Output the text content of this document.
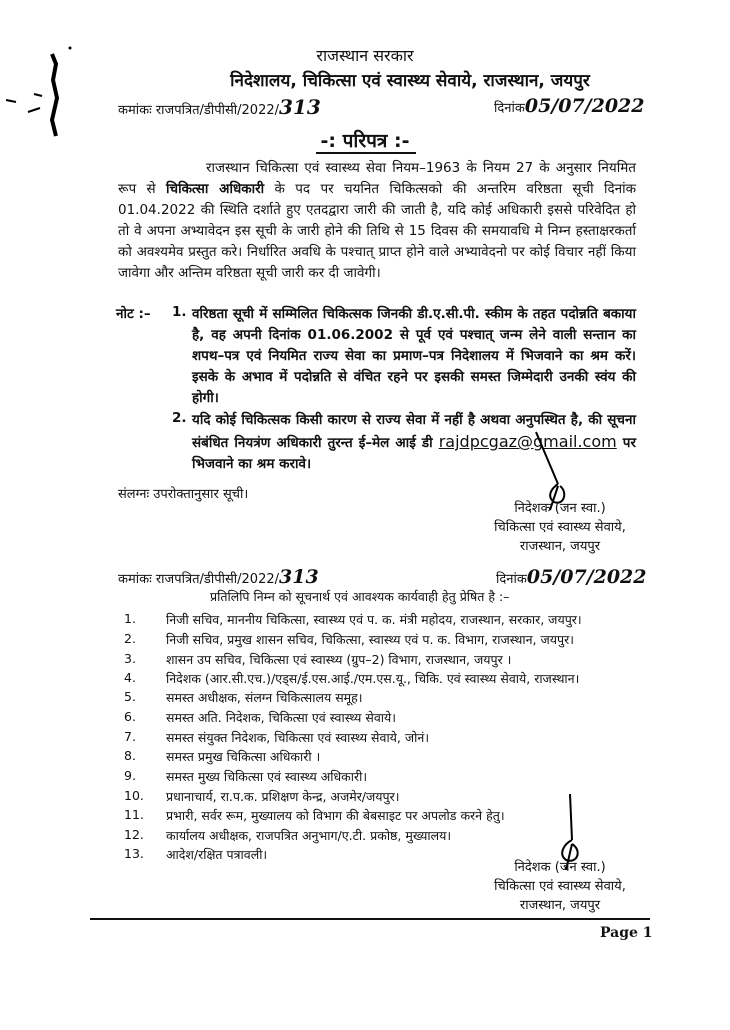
राजस्थान सरकार
निदेशालय, चिकित्सा एवं स्वास्थ्य सेवाये, राजस्थान, जयपुर
कमांकः राजपत्रित/डीपीसी/2022/313	दिनांक05/07/2022
-: परिपत्र :-
राजस्थान चिकित्सा एवं स्वास्थ्य सेवा नियम–1963 के नियम 27 के अनुसार नियमित रूप से चिकित्सा अधिकारी के पद पर चयनित चिकित्सको की अन्तरिम वरिष्ठता सूची दिनांक 01.04.2022 की स्थिति दर्शाते हुए एतदद्वारा जारी की जाती है, यदि कोई अधिकारी इससे परिवेदित हो तो वे अपना अभ्यावेदन इस सूची के जारी होने की तिथि से 15 दिवस की समयावधि मे निम्न हस्ताक्षरकर्ता को अवश्यमेव प्रस्तुत करे। निर्धारित अवधि के पश्चात् प्राप्त होने वाले अभ्यावेदनो पर कोई विचार नहीं किया जावेगा और अन्तिम वरिष्ठता सूची जारी कर दी जावेगी।
नोट :– 1. वरिष्ठता सूची में सम्मिलित चिकित्सक जिनकी डी.ए.सी.पी. स्कीम के तहत पदोन्नति बकाया है, वह अपनी दिनांक 01.06.2002 से पूर्व एवं पश्चात् जन्म लेने वाली सन्तान का शपथ–पत्र एवं नियमित राज्य सेवा का प्रमाण–पत्र निदेशालय में भिजवाने का श्रम करें। इसके के अभाव में पदोन्नति से वंचित रहने पर इसकी समस्त जिम्मेदारी उनकी स्वंय की होगी।
2. यदि कोई चिकित्सक किसी कारण से राज्य सेवा में नहीं है अथवा अनुपस्थित है, की सूचना संबंधित नियत्रंण अधिकारी तुरन्त ई–मेल आई डी rajdpcgaz@gmail.com पर भिजवाने का श्रम करावे।
संलग्नः उपरोक्तानुसार सूची।
निदेशक (जन स्वा.)
चिकित्सा एवं स्वास्थ्य सेवाये,
राजस्थान, जयपुर
कमांकः राजपत्रित/डीपीसी/2022/313	दिनांक05/07/2022
प्रतिलिपि निम्न को सूचनार्थ एवं आवश्यक कार्यवाही हेतु प्रेषित है :–
1.	निजी सचिव, माननीय चिकित्सा, स्वास्थ्य एवं प. क. मंत्री महोदय, राजस्थान, सरकार, जयपुर।
2.	निजी सचिव, प्रमुख शासन सचिव, चिकित्सा, स्वास्थ्य एवं प. क. विभाग, राजस्थान, जयपुर।
3.	शासन उप सचिव, चिकित्सा एवं स्वास्थ्य (ग्रुप–2) विभाग, राजस्थान, जयपुर ।
4.	निदेशक (आर.सी.एच.)/एड्स/ई.एस.आई./एम.एस.यू., चिकि. एवं स्वास्थ्य सेवाये, राजस्थान।
5.	समस्त अधीक्षक, संलग्न चिकित्सालय समूह।
6.	समस्त अति. निदेशक, चिकित्सा एवं स्वास्थ्य सेवाये।
7.	समस्त संयुक्त निदेशक, चिकित्सा एवं स्वास्थ्य सेवाये, जोनं।
8.	समस्त प्रमुख चिकित्सा अधिकारी ।
9.	समस्त मुख्य चिकित्सा एवं स्वास्थ्य अधिकारी।
10.	प्रधानाचार्य, रा.प.क. प्रशिक्षण केन्द्र, अजमेर/जयपुर।
11.	प्रभारी, सर्वर रूम, मुख्यालय को विभाग की बेबसाइट पर अपलोड करने हेतु।
12.	कार्यालय अधीक्षक, राजपत्रित अनुभाग/ए.टी. प्रकोष्ठ, मुख्यालय।
13.	आदेश/रक्षित पत्रावली।
निदेशक (जन स्वा.)
चिकित्सा एवं स्वास्थ्य सेवाये,
राजस्थान, जयपुर
Page 1
